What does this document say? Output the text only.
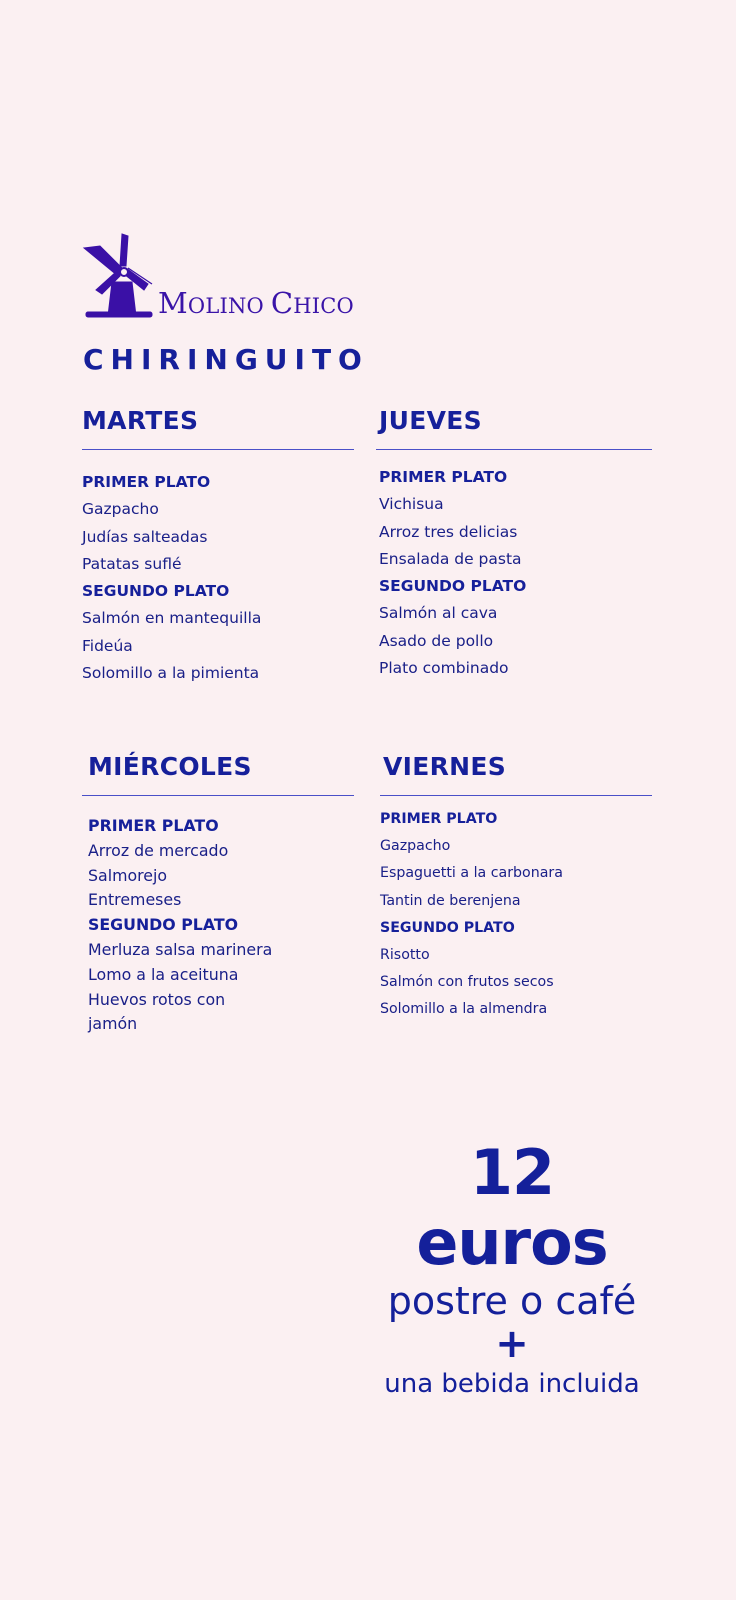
MOLINO CHICO
CHIRINGUITO
MARTES
PRIMER PLATO
Gazpacho
Judías salteadas
Patatas suflé
SEGUNDO PLATO
Salmón en mantequilla
Fideúa
Solomillo a la pimienta
JUEVES
PRIMER PLATO
Vichisua
Arroz tres delicias
Ensalada de pasta
SEGUNDO PLATO
Salmón al cava
Asado de pollo
Plato combinado
MIÉRCOLES
PRIMER PLATO
Arroz de mercado
Salmorejo
Entremeses
SEGUNDO PLATO
Merluza salsa marinera
Lomo a la aceituna
Huevos rotos con
jamón
VIERNES
PRIMER PLATO
Gazpacho
Espaguetti a la carbonara
Tantin de berenjena
SEGUNDO PLATO
Risotto
Salmón con frutos secos
Solomillo a la almendra

12 euros

postre o café

+

una bebida incluida
